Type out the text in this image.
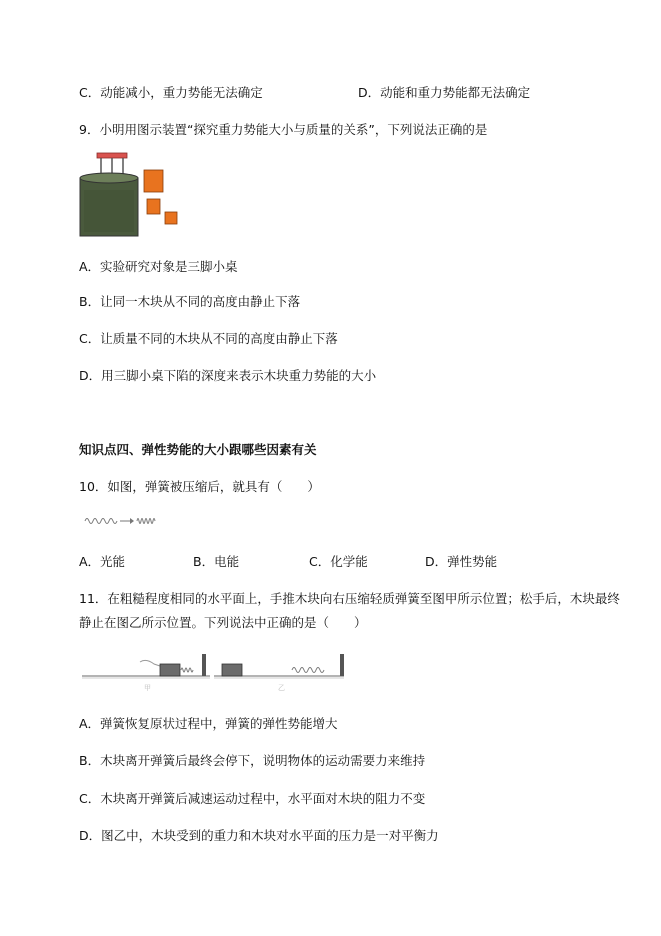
C．动能减小，重力势能无法确定	D．动能和重力势能都无法确定
9．小明用图示装置“探究重力势能大小与质量的关系”，下列说法正确的是
A．实验研究对象是三脚小桌
B．让同一木块从不同的高度由静止下落
C．让质量不同的木块从不同的高度由静止下落
D．用三脚小桌下陷的深度来表示木块重力势能的大小
知识点四、弹性势能的大小跟哪些因素有关
10．如图，弹簧被压缩后，就具有（　　）
A．光能	B．电能	C．化学能	D．弹性势能
11．在粗糙程度相同的水平面上，手推木块向右压缩轻质弹簧至图甲所示位置；松手后，木块最终
静止在图乙所示位置。下列说法中正确的是（　　）
甲	乙
A．弹簧恢复原状过程中，弹簧的弹性势能增大
B．木块离开弹簧后最终会停下，说明物体的运动需要力来维持
C．木块离开弹簧后减速运动过程中，水平面对木块的阻力不变
D．图乙中，木块受到的重力和木块对水平面的压力是一对平衡力
